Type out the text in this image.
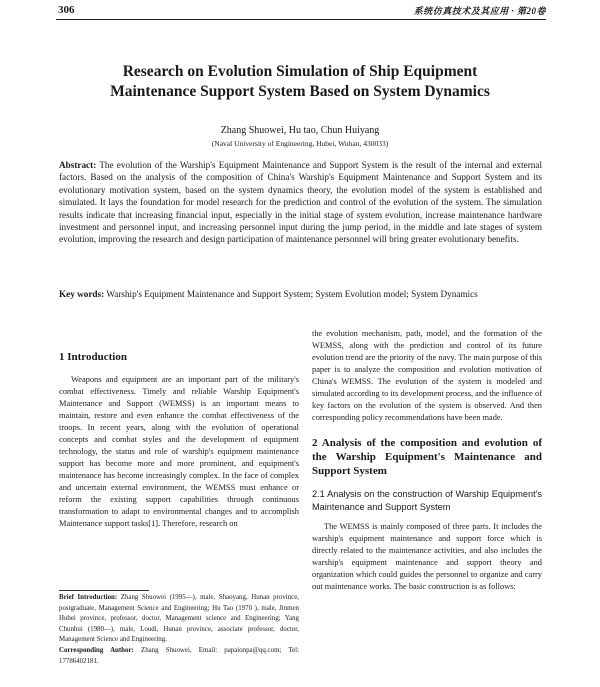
306	系统仿真技术及其应用 · 第20卷
Research on Evolution Simulation of Ship Equipment
Maintenance Support System Based on System Dynamics
Zhang Shuowei, Hu tao, Chun Huiyang
(Naval University of Engineering, Hubei, Wuhan, 430033)
Abstract: The evolution of the Warship's Equipment Maintenance and Support System is the result of the internal and external factors. Based on the analysis of the composition of China's Warship's Equipment Maintenance and Support System and its evolutionary motivation system, based on the system dynamics theory, the evolution model of the system is established and simulated. It lays the foundation for model research for the prediction and control of the evolution of the system. The simulation results indicate that increasing financial input, especially in the initial stage of system evolution, increase maintenance hardware investment and personnel input, and increasing personnel input during the jump period, in the middle and late stages of system evolution, improving the research and design participation of maintenance personnel will bring greater evolutionary benefits.
Key words: Warship's Equipment Maintenance and Support System; System Evolution model; System Dynamics
1 Introduction

Weapons and equipment are an important part of the military's combat effectiveness. Timely and reliable Warship Equipment's Maintenance and Support (WEMSS) is an important means to maintain, restore and even enhance the combat effectiveness of the troops. In recent years, along with the evolution of operational concepts and combat styles and the development of equipment technology, the status and role of warship's equipment maintenance support has become more and more prominent, and equipment's maintenance has become increasingly complex. In the face of complex and uncertain external environment, the WEMSS must enhance or reform the existing support capabilities through continuous transformation to adapt to environmental changes and to accomplish Maintenance support tasks[1]. Therefore, research on

the evolution mechanism, path, model, and the formation of the WEMSS, along with the prediction and control of its future evolution trend are the priority of the navy. The main purpose of this paper is to analyze the composition and evolution motivation of China's WEMSS. The evolution of the system is modeled and simulated according to its development process, and the influence of key factors on the evolution of the system is observed. And then corresponding policy recommendations have been made.

2 Analysis of the composition and evolution of the Warship Equipment's Maintenance and Support System
2.1 Analysis on the construction of Warship Equipment's Maintenance and Support System

The WEMSS is mainly composed of three parts. It includes the warship's equipment maintenance and support force which is directly related to the maintenance activities, and also includes the warship's equipment maintenance and support theory and organization which could guides the personnel to organize and carry out maintenance works. The basic construction is as follows:

Brief Introduction: Zhang Shuowei (1995—), male, Shaoyang, Hunan province, postgraduate, Management Science and Engineering; Hu Tao (1970 ), male, Jinmen Hubei province, professor, doctor, Management science and Engineering; Yang Chunhui (1980—), male, Loudi, Hunan province, associate professor, doctor, Management Science and Engineering.

Corresponding Author: Zhang Shuowei, Email: papaionpa@qq.com; Tel: 17786402181.
